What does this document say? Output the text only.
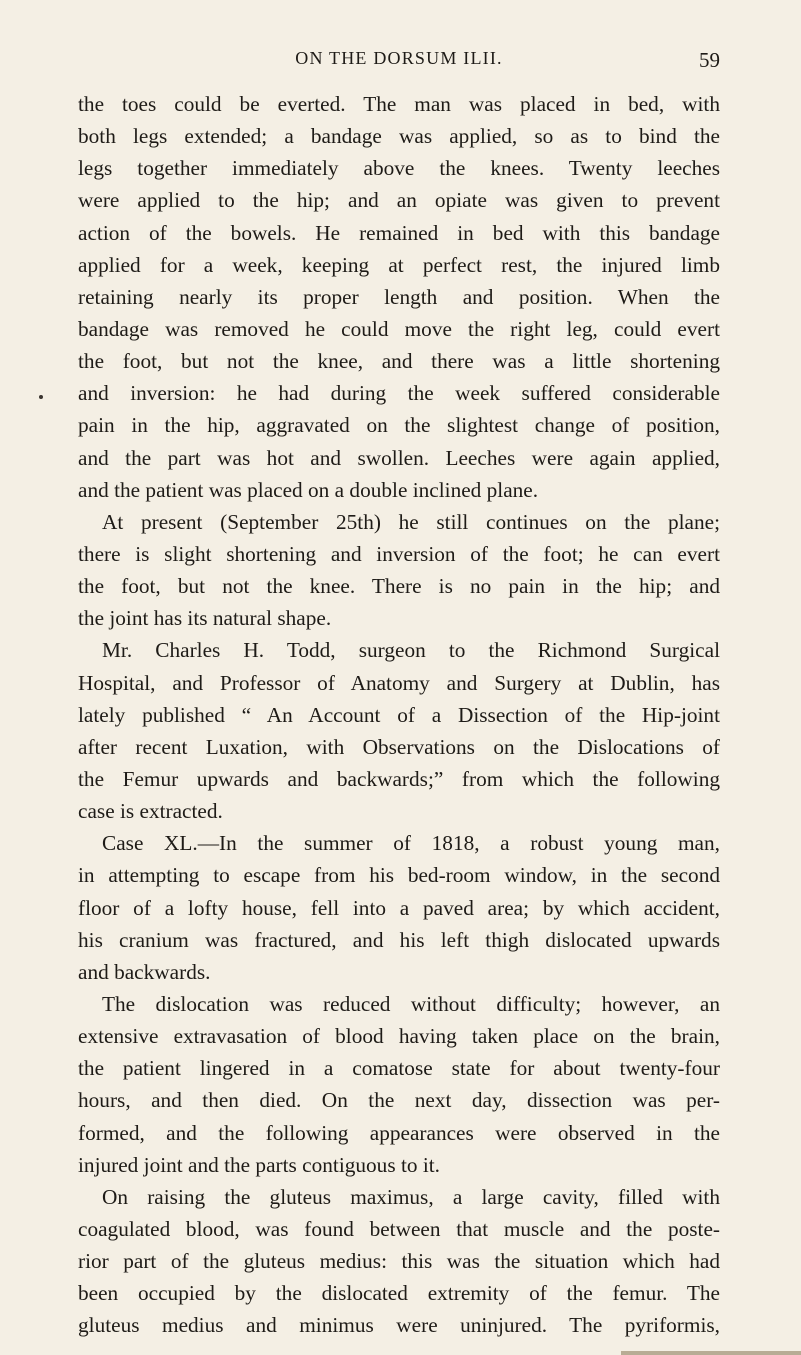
ON THE DORSUM ILII.	59
the toes could be everted. The man was placed in bed, with
both legs extended; a bandage was applied, so as to bind the
legs together immediately above the knees. Twenty leeches
were applied to the hip; and an opiate was given to prevent
action of the bowels. He remained in bed with this bandage
applied for a week, keeping at perfect rest, the injured limb
retaining nearly its proper length and position. When the
bandage was removed he could move the right leg, could evert
the foot, but not the knee, and there was a little shortening
and inversion: he had during the week suffered considerable
pain in the hip, aggravated on the slightest change of position,
and the part was hot and swollen. Leeches were again applied,
and the patient was placed on a double inclined plane.
At present (September 25th) he still continues on the plane;
there is slight shortening and inversion of the foot; he can evert
the foot, but not the knee. There is no pain in the hip; and
the joint has its natural shape.
Mr. Charles H. Todd, surgeon to the Richmond Surgical
Hospital, and Professor of Anatomy and Surgery at Dublin, has
lately published “ An Account of a Dissection of the Hip-joint
after recent Luxation, with Observations on the Dislocations of
the Femur upwards and backwards;” from which the following
case is extracted.
Case XL.—In the summer of 1818, a robust young man,
in attempting to escape from his bed-room window, in the second
floor of a lofty house, fell into a paved area; by which accident,
his cranium was fractured, and his left thigh dislocated upwards
and backwards.
The dislocation was reduced without difficulty; however, an
extensive extravasation of blood having taken place on the brain,
the patient lingered in a comatose state for about twenty-four
hours, and then died. On the next day, dissection was per-
formed, and the following appearances were observed in the
injured joint and the parts contiguous to it.
On raising the gluteus maximus, a large cavity, filled with
coagulated blood, was found between that muscle and the poste-
rior part of the gluteus medius: this was the situation which had
been occupied by the dislocated extremity of the femur. The
gluteus medius and minimus were uninjured. The pyriformis,
